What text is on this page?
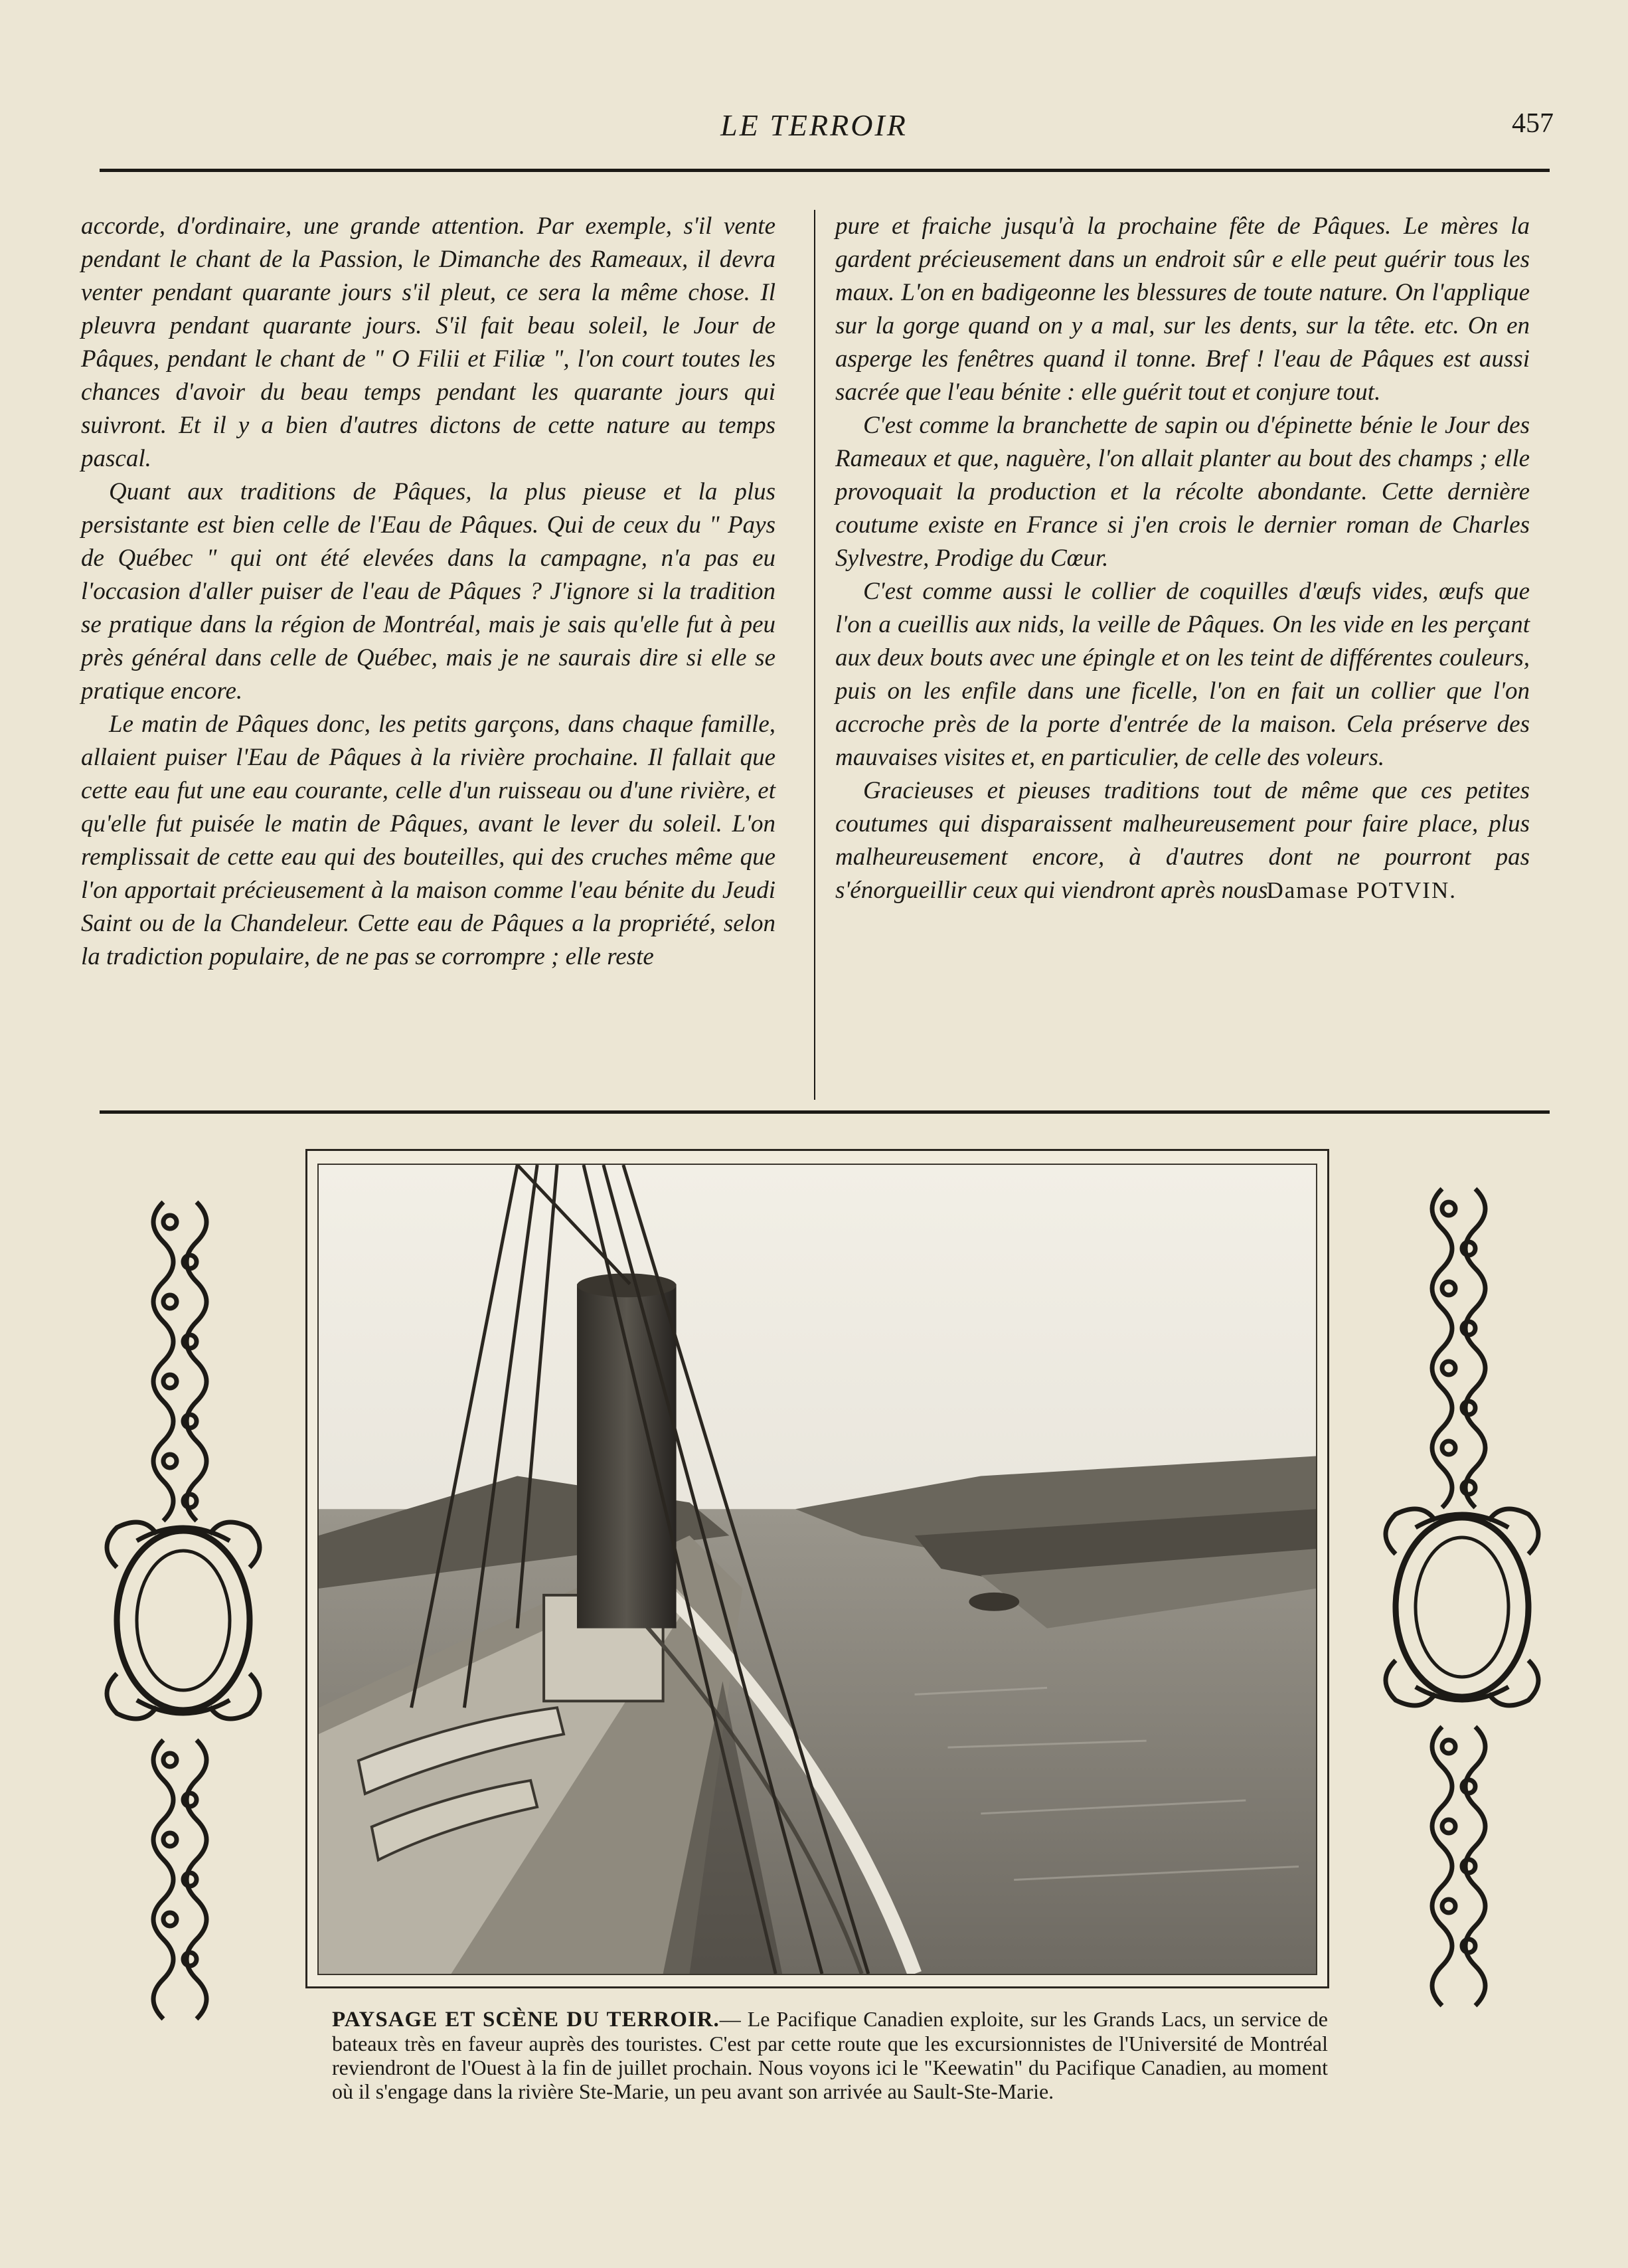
LE TERROIR	457

accorde, d'ordinaire, une grande attention. Par exemple, s'il vente pendant le chant de la Passion, le Dimanche des Rameaux, il devra venter pendant quarante jours s'il pleut, ce sera la même chose. Il pleuvra pendant quarante jours. S'il fait beau soleil, le Jour de Pâques, pendant le chant de " O Filii et Filiæ ", l'on court toutes les chances d'avoir du beau temps pendant les quarante jours qui suivront. Et il y a bien d'autres dictons de cette nature au temps pascal.

Quant aux traditions de Pâques, la plus pieuse et la plus persistante est bien celle de l'Eau de Pâques. Qui de ceux du " Pays de Québec " qui ont été elevées dans la campagne, n'a pas eu l'occasion d'aller puiser de l'eau de Pâques ? J'ignore si la tradition se pratique dans la région de Montréal, mais je sais qu'elle fut à peu près général dans celle de Québec, mais je ne saurais dire si elle se pratique encore.

Le matin de Pâques donc, les petits garçons, dans chaque famille, allaient puiser l'Eau de Pâques à la rivière prochaine. Il fallait que cette eau fut une eau courante, celle d'un ruisseau ou d'une rivière, et qu'elle fut puisée le matin de Pâques, avant le lever du soleil. L'on remplissait de cette eau qui des bouteilles, qui des cruches même que l'on apportait précieusement à la maison comme l'eau bénite du Jeudi Saint ou de la Chandeleur. Cette eau de Pâques a la propriété, selon la tradiction populaire, de ne pas se corrompre ; elle reste

pure et fraiche jusqu'à la prochaine fête de Pâques. Le mères la gardent précieusement dans un endroit sûr e elle peut guérir tous les maux. L'on en badigeonne les blessures de toute nature. On l'applique sur la gorge quand on y a mal, sur les dents, sur la tête. etc. On en asperge les fenêtres quand il tonne. Bref ! l'eau de Pâques est aussi sacrée que l'eau bénite : elle guérit tout et conjure tout.

C'est comme la branchette de sapin ou d'épinette bénie le Jour des Rameaux et que, naguère, l'on allait planter au bout des champs ; elle provoquait la production et la récolte abondante. Cette dernière coutume existe en France si j'en crois le dernier roman de Charles Sylvestre, Prodige du Cœur.

C'est comme aussi le collier de coquilles d'œufs vides, œufs que l'on a cueillis aux nids, la veille de Pâques. On les vide en les perçant aux deux bouts avec une épingle et on les teint de différentes couleurs, puis on les enfile dans une ficelle, l'on en fait un collier que l'on accroche près de la porte d'entrée de la maison. Cela préserve des mauvaises visites et, en particulier, de celle des voleurs.

Gracieuses et pieuses traditions tout de même que ces petites coutumes qui disparaissent malheureusement pour faire place, plus malheureusement encore, à d'autres dont ne pourront pas s'énorgueillir ceux qui viendront après nous.

Damase POTVIN.
PAYSAGE ET SCÈNE DU TERROIR.— Le Pacifique Canadien exploite, sur les Grands Lacs, un service de bateaux très en faveur auprès des touristes. C'est par cette route que les excursionnistes de l'Université de Montréal reviendront de l'Ouest à la fin de juillet prochain. Nous voyons ici le "Keewatin" du Pacifique Canadien, au moment où il s'engage dans la rivière Ste-Marie, un peu avant son arrivée au Sault-Ste-Marie.
